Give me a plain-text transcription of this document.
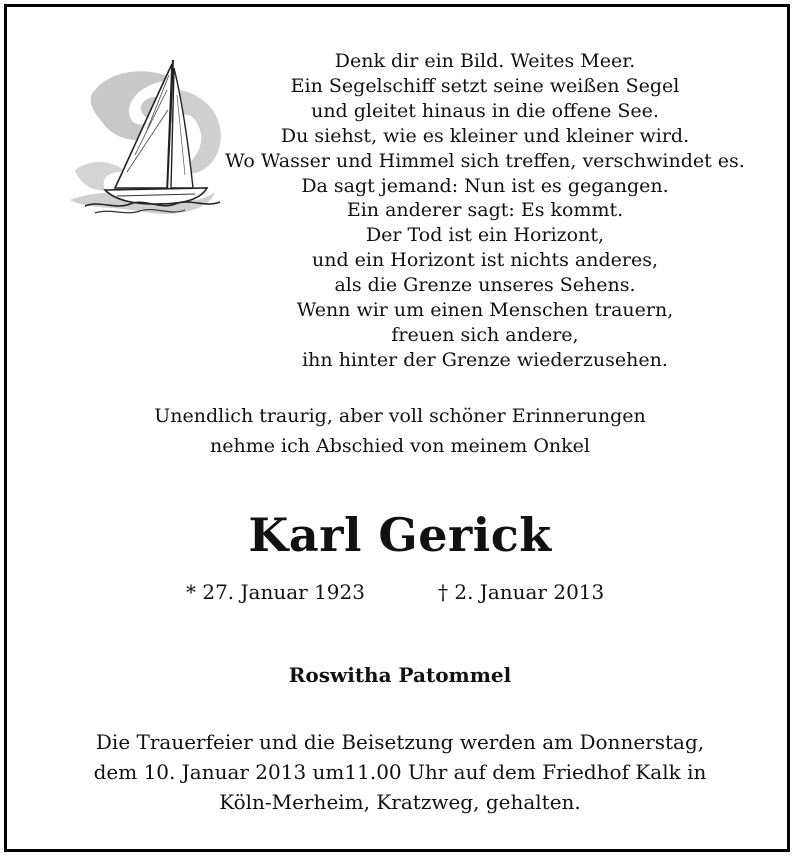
Denk dir ein Bild. Weites Meer.
Ein Segelschiff setzt seine weißen Segel
und gleitet hinaus in die offene See.
Du siehst, wie es kleiner und kleiner wird.
Wo Wasser und Himmel sich treffen, verschwindet es.
Da sagt jemand: Nun ist es gegangen.
Ein anderer sagt: Es kommt.
Der Tod ist ein Horizont,
und ein Horizont ist nichts anderes,
als die Grenze unseres Sehens.
Wenn wir um einen Menschen trauern,
freuen sich andere,
ihn hinter der Grenze wiederzusehen.
Unendlich traurig, aber voll schöner Erinnerungen
nehme ich Abschied von meinem Onkel
Karl Gerick
* 27. Januar 1923	† 2. Januar 2013
Roswitha Patommel
Die Trauerfeier und die Beisetzung werden am Donnerstag,
dem 10. Januar 2013 um11.00 Uhr auf dem Friedhof Kalk in
Köln-Merheim, Kratzweg, gehalten.
